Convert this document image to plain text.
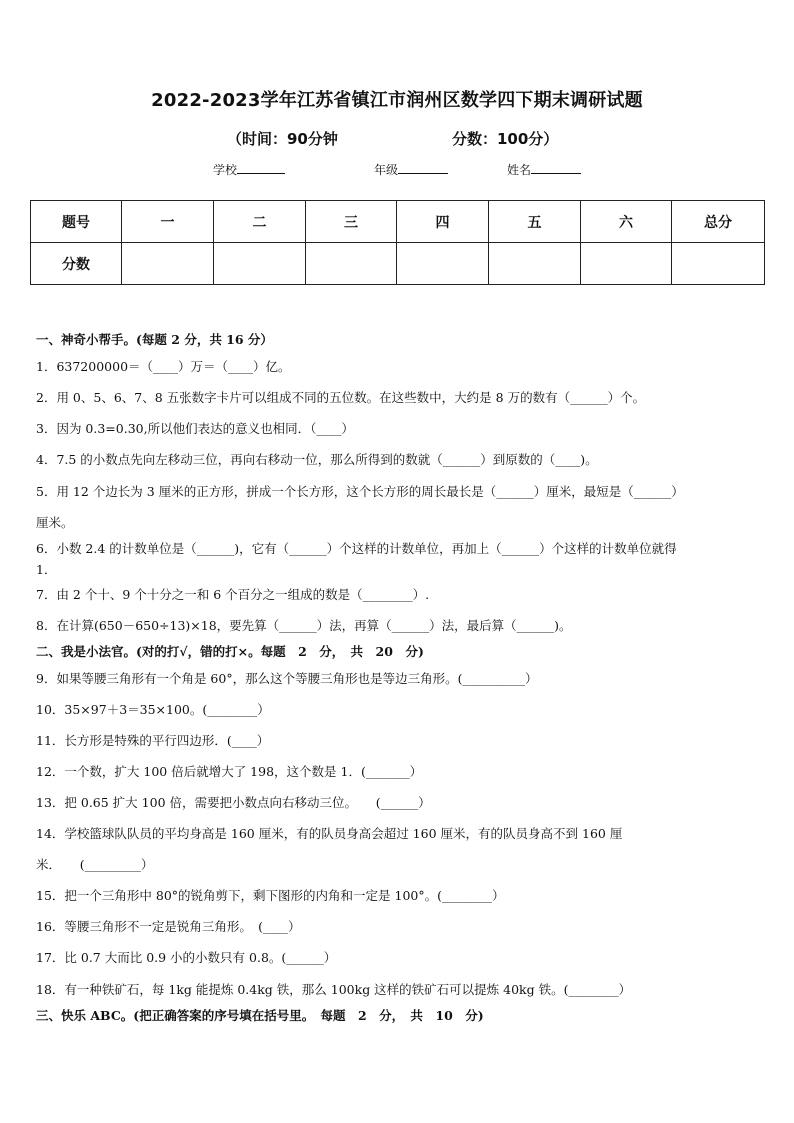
2022-2023学年江苏省镇江市润州区数学四下期末调研试题
（时间：90分钟	分数：100分）
学校	年级	姓名
题号	一	二	三	四	五	六	总分
分数							
一、神奇小帮手。(每题 2 分，共 16 分）
1．637200000＝（____）万＝（____）亿。
2．用 0、5、6、7、8 五张数字卡片可以组成不同的五位数。在这些数中，大约是 8 万的数有（______）个。
3．因为 0.3=0.30,所以他们表达的意义也相同．（____）
4．7.5 的小数点先向左移动三位，再向右移动一位，那么所得到的数就（______）到原数的（____)。
5．用 12 个边长为 3 厘米的正方形，拼成一个长方形，这个长方形的周长最长是（______）厘米，最短是（______）
厘米。
6．小数 2.4 的计数单位是（______)，它有（______）个这样的计数单位，再加上（______）个这样的计数单位就得
1．
7．由 2 个十、9 个十分之一和 6 个百分之一组成的数是（________）.
8．在计算(650－650÷13)×18，要先算（______）法，再算（______）法，最后算（______)。
二、我是小法官。(对的打√，错的打×。每题　2　分，　共　20　分)
9．如果等腰三角形有一个角是 60°，那么这个等腰三角形也是等边三角形。(__________）
10．35×97＋3＝35×100。(________）
11．长方形是特殊的平行四边形．(____）
12．一个数，扩大 100 倍后就增大了 198，这个数是 1．(_______）
13．把 0.65 扩大 100 倍，需要把小数点向右移动三位。　　(______）
14．学校篮球队队员的平均身高是 160 厘米，有的队员身高会超过 160 厘米，有的队员身高不到 160 厘
米．　　(_________）
15．把一个三角形中 80°的锐角剪下，剩下图形的内角和一定是 100°。(________）
16．等腰三角形不一定是锐角三角形。　(____）
17．比 0.7 大而比 0.9 小的小数只有 0.8。(______）
18．有一种铁矿石，每 1kg 能提炼 0.4kg 铁，那么 100kg 这样的铁矿石可以提炼 40kg 铁。(________）
三、快乐 ABC。(把正确答案的序号填在括号里。　每题　2　分，　共　10　分)
